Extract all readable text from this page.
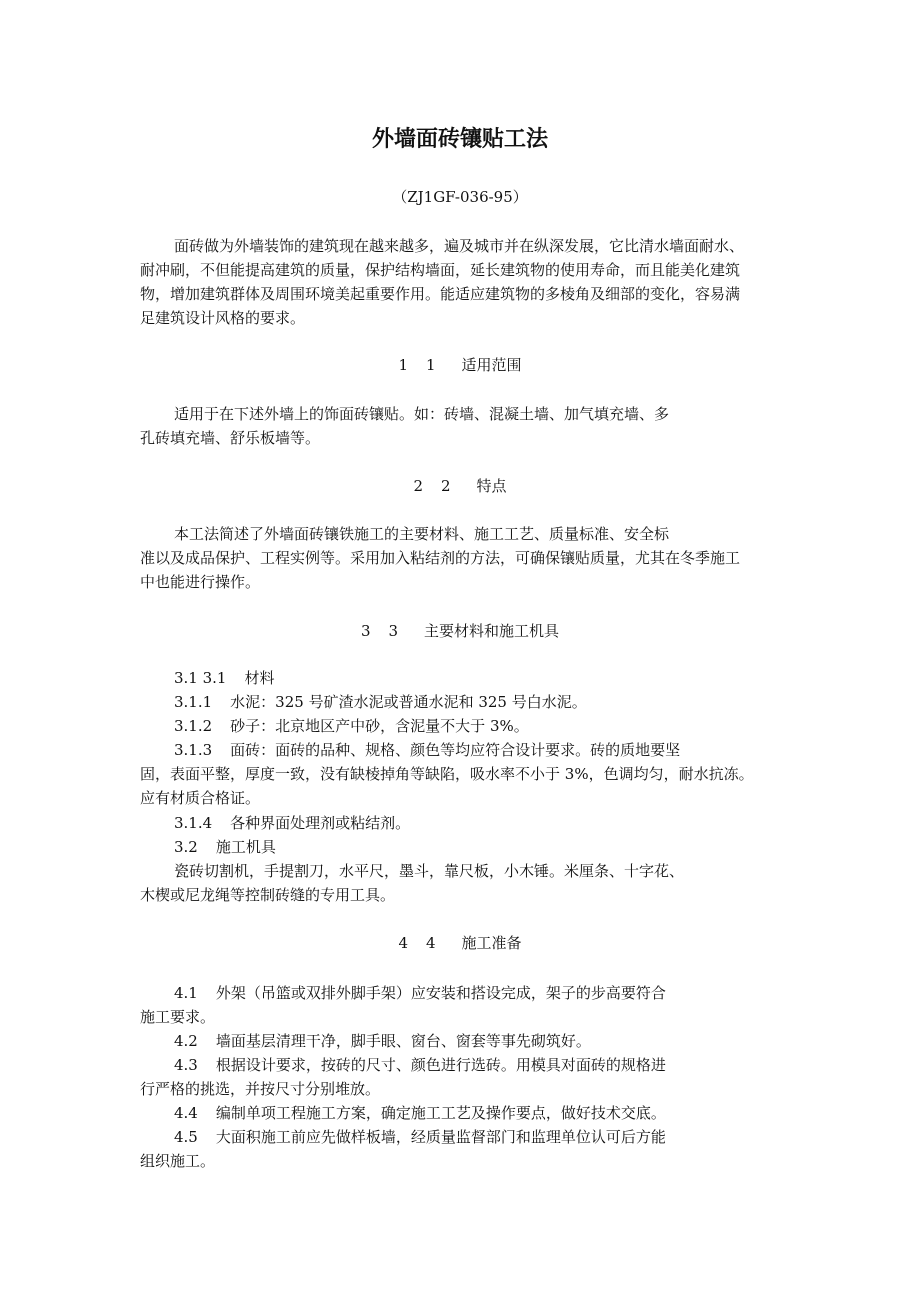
外墙面砖镶贴工法
（ZJ1GF-036-95）
面砖做为外墙装饰的建筑现在越来越多，遍及城市并在纵深发展，它比清水墙面耐水、
耐冲刷，不但能提高建筑的质量，保护结构墙面，延长建筑物的使用寿命，而且能美化建筑
物，增加建筑群体及周围环境美起重要作用。能适应建筑物的多棱角及细部的变化，容易满
足建筑设计风格的要求。
1 1 适用范围
适用于在下述外墙上的饰面砖镶贴。如：砖墙、混凝土墙、加气填充墙、多
孔砖填充墙、舒乐板墙等。
2 2 特点
本工法简述了外墙面砖镶铁施工的主要材料、施工工艺、质量标准、安全标
准以及成品保护、工程实例等。采用加入粘结剂的方法，可确保镶贴质量，尤其在冬季施工
中也能进行操作。
3 3 主要材料和施工机具
3.1 3.1 材料
3.1.1 水泥：325 号矿渣水泥或普通水泥和 325 号白水泥。
3.1.2 砂子：北京地区产中砂，含泥量不大于 3%。
3.1.3 面砖：面砖的品种、规格、颜色等均应符合设计要求。砖的质地要坚
固，表面平整，厚度一致，没有缺棱掉角等缺陷，吸水率不小于 3%，色调均匀，耐水抗冻。
应有材质合格证。
3.1.4 各种界面处理剂或粘结剂。
3.2 施工机具
瓷砖切割机，手提割刀，水平尺，墨斗，靠尺板，小木锤。米厘条、十字花、
木楔或尼龙绳等控制砖缝的专用工具。
4 4 施工准备
4.1 外架（吊篮或双排外脚手架）应安装和搭设完成，架子的步高要符合
施工要求。
4.2 墙面基层清理干净，脚手眼、窗台、窗套等事先砌筑好。
4.3 根据设计要求，按砖的尺寸、颜色进行选砖。用模具对面砖的规格进
行严格的挑选，并按尺寸分别堆放。
4.4 编制单项工程施工方案，确定施工工艺及操作要点，做好技术交底。
4.5 大面积施工前应先做样板墙，经质量监督部门和监理单位认可后方能
组织施工。
